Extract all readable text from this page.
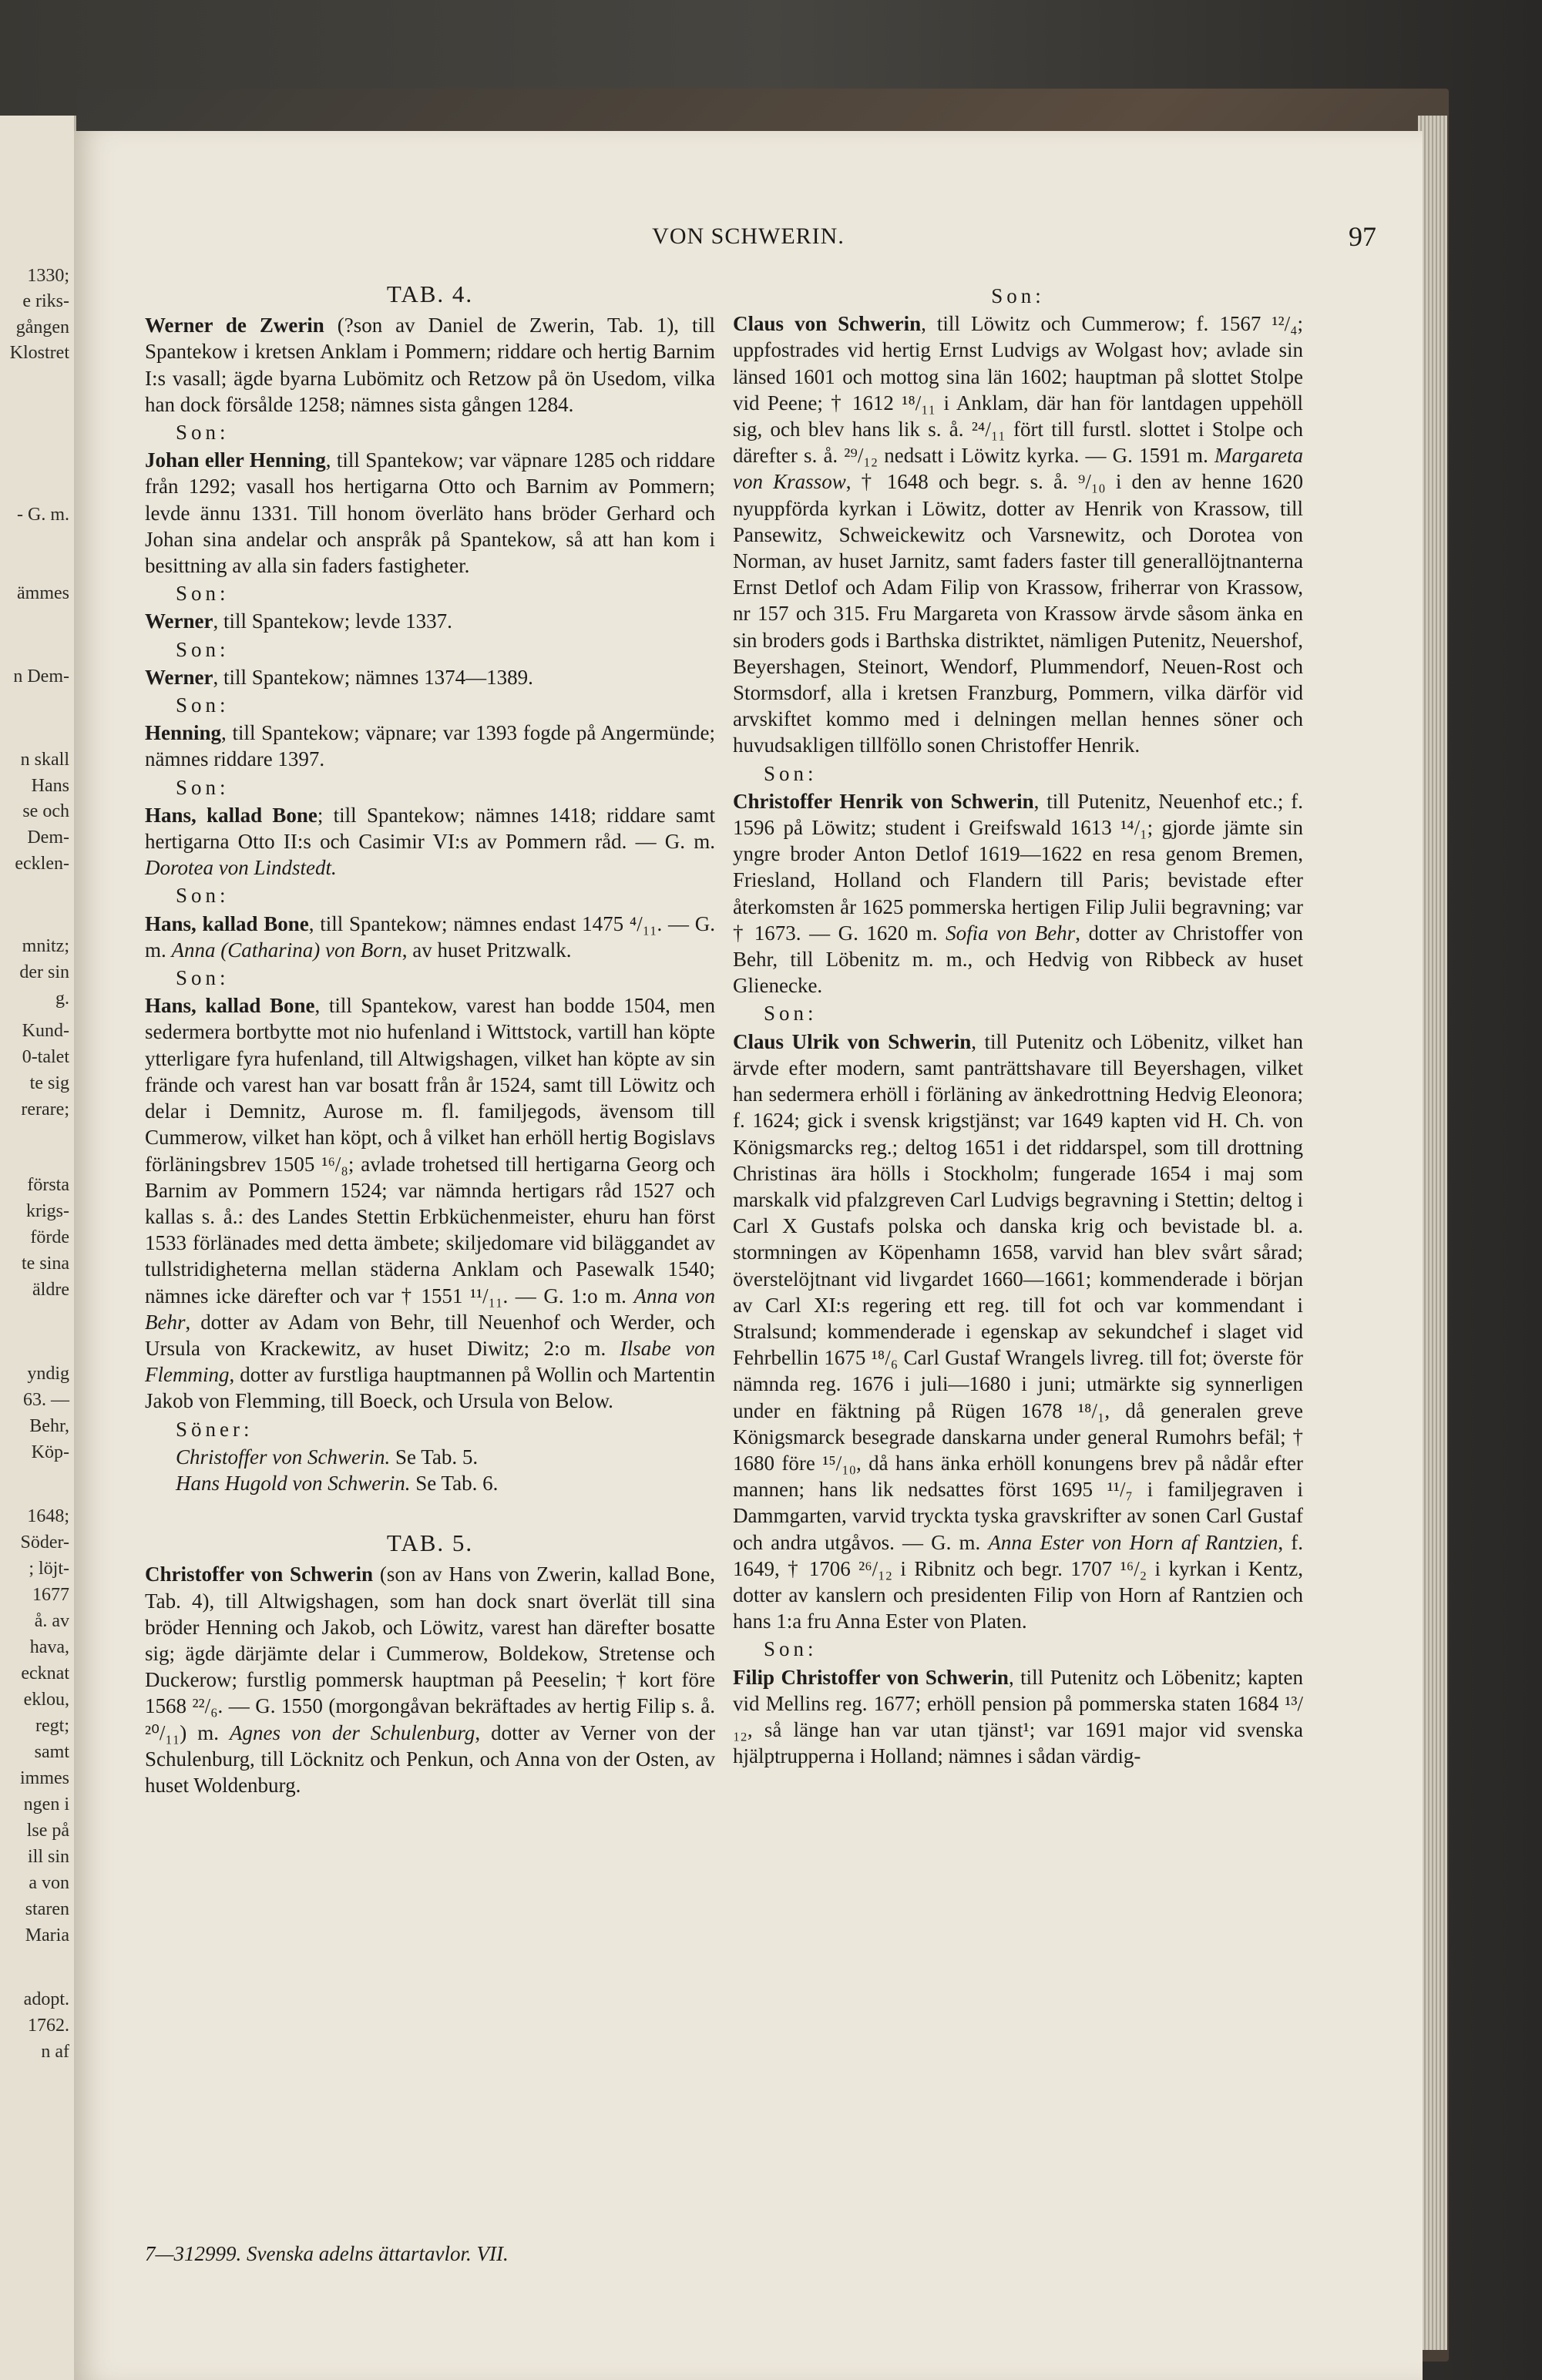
1330;
e riks-
gången
Klostret
- G. m.
ämmes
n Dem-
n skall
Hans
se och
Dem-
ecklen-
mnitz;
der sin
g.
Kund-
0-talet
te sig
rerare;
första
krigs-
förde
te sina
äldre
yndig
63. —
Behr,
Köp-
1648;
Söder-
; löjt-
1677
å. av
hava,
ecknat
eklou,
regt;
samt
immes
ngen i
lse på
ill sin
a von
staren
Maria
adopt.
1762.
n af
VON SCHWERIN.	97

TAB. 4.

Werner de Zwerin (?son av Daniel de Zwerin, Tab. 1), till Spantekow i kretsen Anklam i Pommern; riddare och hertig Barnim I:s vasall; ägde byarna Lubömitz och Retzow på ön Usedom, vilka han dock försålde 1258; nämnes sista gången 1284.

Son:

Johan eller Henning, till Spantekow; var väpnare 1285 och riddare från 1292; vasall hos hertigarna Otto och Barnim av Pommern; levde ännu 1331. Till honom överläto hans bröder Gerhard och Johan sina andelar och anspråk på Spantekow, så att han kom i besittning av alla sin faders fastigheter.

Son:

Werner, till Spantekow; levde 1337.

Son:

Werner, till Spantekow; nämnes 1374—1389.

Son:

Henning, till Spantekow; väpnare; var 1393 fogde på Angermünde; nämnes riddare 1397.

Son:

Hans, kallad Bone; till Spantekow; nämnes 1418; riddare samt hertigarna Otto II:s och Casimir VI:s av Pommern råd. — G. m. Dorotea von Lindstedt.

Son:

Hans, kallad Bone, till Spantekow; nämnes endast 1475 ⁴/₁₁. — G. m. Anna (Catharina) von Born, av huset Pritzwalk.

Son:

Hans, kallad Bone, till Spantekow, varest han bodde 1504, men sedermera bortbytte mot nio hufenland i Wittstock, vartill han köpte ytterligare fyra hufenland, till Altwigshagen, vilket han köpte av sin frände och varest han var bosatt från år 1524, samt till Löwitz och delar i Demnitz, Aurose m. fl. familjegods, ävensom till Cummerow, vilket han köpt, och å vilket han erhöll hertig Bogislavs förläningsbrev 1505 ¹⁶/₈; avlade trohetsed till hertigarna Georg och Barnim av Pommern 1524; var nämnda hertigars råd 1527 och kallas s. å.: des Landes Stettin Erbküchenmeister, ehuru han först 1533 förlänades med detta ämbete; skiljedomare vid biläggandet av tullstridigheterna mellan städerna Anklam och Pasewalk 1540; nämnes icke därefter och var † 1551 ¹¹/₁₁. — G. 1:o m. Anna von Behr, dotter av Adam von Behr, till Neuenhof och Werder, och Ursula von Krackewitz, av huset Diwitz; 2:o m. Ilsabe von Flemming, dotter av furstliga hauptmannen på Wollin och Martentin Jakob von Flemming, till Boeck, och Ursula von Below.

Söner:

Christoffer von Schwerin. Se Tab. 5.

Hans Hugold von Schwerin. Se Tab. 6.

TAB. 5.

Christoffer von Schwerin (son av Hans von Zwerin, kallad Bone, Tab. 4), till Altwigshagen, som han dock snart överlät till sina bröder Henning och Jakob, och Löwitz, varest han därefter bosatte sig; ägde därjämte delar i Cummerow, Boldekow, Stretense och Duckerow; furstlig pommersk hauptman på Peeselin; † kort före 1568 ²²/₆. — G. 1550 (morgongåvan bekräftades av hertig Filip s. å. ²⁰/₁₁) m. Agnes von der Schulenburg, dotter av Verner von der Schulenburg, till Löcknitz och Penkun, och Anna von der Osten, av huset Woldenburg.

Son:

Claus von Schwerin, till Löwitz och Cummerow; f. 1567 ¹²/₄; uppfostrades vid hertig Ernst Ludvigs av Wolgast hov; avlade sin länsed 1601 och mottog sina län 1602; hauptman på slottet Stolpe vid Peene; † 1612 ¹⁸/₁₁ i Anklam, där han för lantdagen uppehöll sig, och blev hans lik s. å. ²⁴/₁₁ fört till furstl. slottet i Stolpe och därefter s. å. ²⁹/₁₂ nedsatt i Löwitz kyrka. — G. 1591 m. Margareta von Krassow, † 1648 och begr. s. å. ⁹/₁₀ i den av henne 1620 nyuppförda kyrkan i Löwitz, dotter av Henrik von Krassow, till Pansewitz, Schweickewitz och Varsnewitz, och Dorotea von Norman, av huset Jarnitz, samt faders faster till generallöjtnanterna Ernst Detlof och Adam Filip von Krassow, friherrar von Krassow, nr 157 och 315. Fru Margareta von Krassow ärvde såsom änka en sin broders gods i Barthska distriktet, nämligen Putenitz, Neuershof, Beyershagen, Steinort, Wendorf, Plummendorf, Neuen-Rost och Stormsdorf, alla i kretsen Franzburg, Pommern, vilka därför vid arvskiftet kommo med i delningen mellan hennes söner och huvudsakligen tillföllo sonen Christoffer Henrik.

Son:

Christoffer Henrik von Schwerin, till Putenitz, Neuenhof etc.; f. 1596 på Löwitz; student i Greifswald 1613 ¹⁴/₁; gjorde jämte sin yngre broder Anton Detlof 1619—1622 en resa genom Bremen, Friesland, Holland och Flandern till Paris; bevistade efter återkomsten år 1625 pommerska hertigen Filip Julii begravning; var † 1673. — G. 1620 m. Sofia von Behr, dotter av Christoffer von Behr, till Löbenitz m. m., och Hedvig von Ribbeck av huset Glienecke.

Son:

Claus Ulrik von Schwerin, till Putenitz och Löbenitz, vilket han ärvde efter modern, samt panträttshavare till Beyershagen, vilket han sedermera erhöll i förläning av änkedrottning Hedvig Eleonora; f. 1624; gick i svensk krigstjänst; var 1649 kapten vid H. Ch. von Königsmarcks reg.; deltog 1651 i det riddarspel, som till drottning Christinas ära hölls i Stockholm; fungerade 1654 i maj som marskalk vid pfalzgreven Carl Ludvigs begravning i Stettin; deltog i Carl X Gustafs polska och danska krig och bevistade bl. a. stormningen av Köpenhamn 1658, varvid han blev svårt sårad; överstelöjtnant vid livgardet 1660—1661; kommenderade i början av Carl XI:s regering ett reg. till fot och var kommendant i Stralsund; kommenderade i egenskap av sekundchef i slaget vid Fehrbellin 1675 ¹⁸/₆ Carl Gustaf Wrangels livreg. till fot; överste för nämnda reg. 1676 i juli—1680 i juni; utmärkte sig synnerligen under en fäktning på Rügen 1678 ¹⁸/₁, då generalen greve Königsmarck besegrade danskarna under general Rumohrs befäl; † 1680 före ¹⁵/₁₀, då hans änka erhöll konungens brev på nådår efter mannen; hans lik nedsattes först 1695 ¹¹/₇ i familjegraven i Dammgarten, varvid tryckta tyska gravskrifter av sonen Carl Gustaf och andra utgåvos. — G. m. Anna Ester von Horn af Rantzien, f. 1649, † 1706 ²⁶/₁₂ i Ribnitz och begr. 1707 ¹⁶/₂ i kyrkan i Kentz, dotter av kanslern och presidenten Filip von Horn af Rantzien och hans 1:a fru Anna Ester von Platen.

Son:

Filip Christoffer von Schwerin, till Putenitz och Löbenitz; kapten vid Mellins reg. 1677; erhöll pension på pommerska staten 1684 ¹³/₁₂, så länge han var utan tjänst¹; var 1691 major vid svenska hjälptrupperna i Holland; nämnes i sådan värdig-

7—312999. Svenska adelns ättartavlor. VII.
